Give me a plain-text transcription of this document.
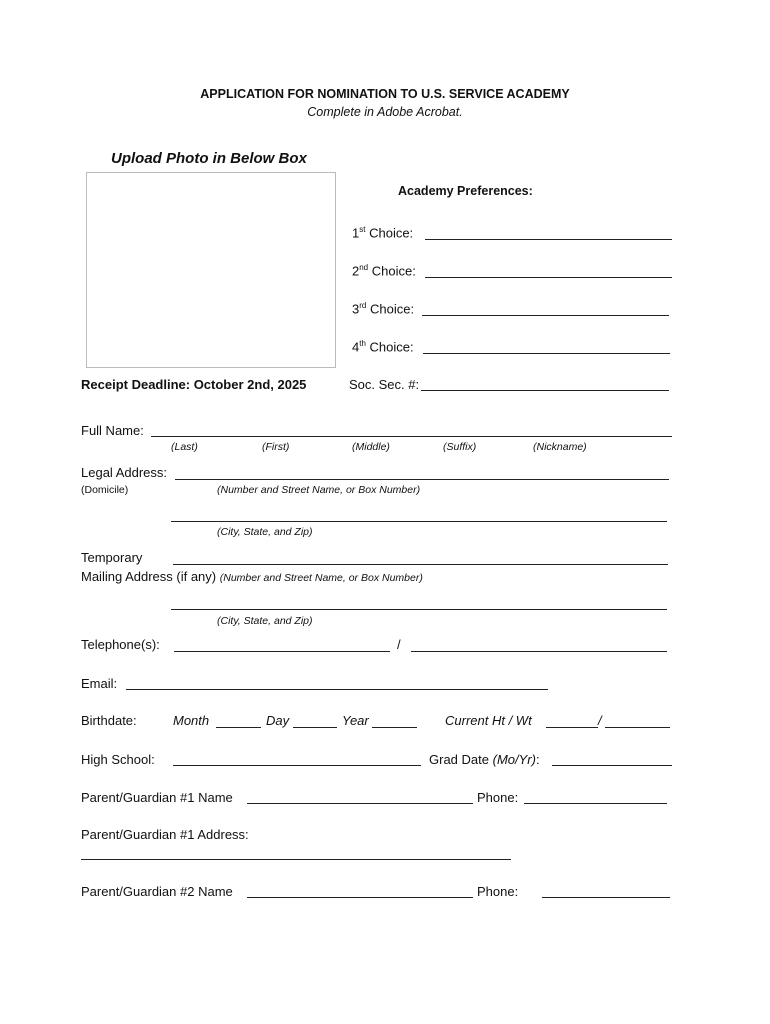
APPLICATION FOR NOMINATION TO U.S. SERVICE ACADEMY
Complete in Adobe Acrobat.
Upload Photo in Below Box
Academy Preferences:
1st Choice:
2nd Choice:
3rd Choice:
4th Choice:
Receipt Deadline: October 2nd, 2025	Soc. Sec. #:
Full Name:
(Last)	(First)	(Middle)	(Suffix)	(Nickname)
Legal Address:
(Domicile)	(Number and Street Name, or Box Number)
(City, State, and Zip)
Temporary
Mailing Address (if any) (Number and Street Name, or Box Number)
(City, State, and Zip)
Telephone(s):	/
Email:
Birthdate:	Month	Day	Year	Current Ht / Wt	/
High School:	Grad Date (Mo/Yr):
Parent/Guardian #1 Name	Phone:
Parent/Guardian #1 Address:
Parent/Guardian #2 Name	Phone:
